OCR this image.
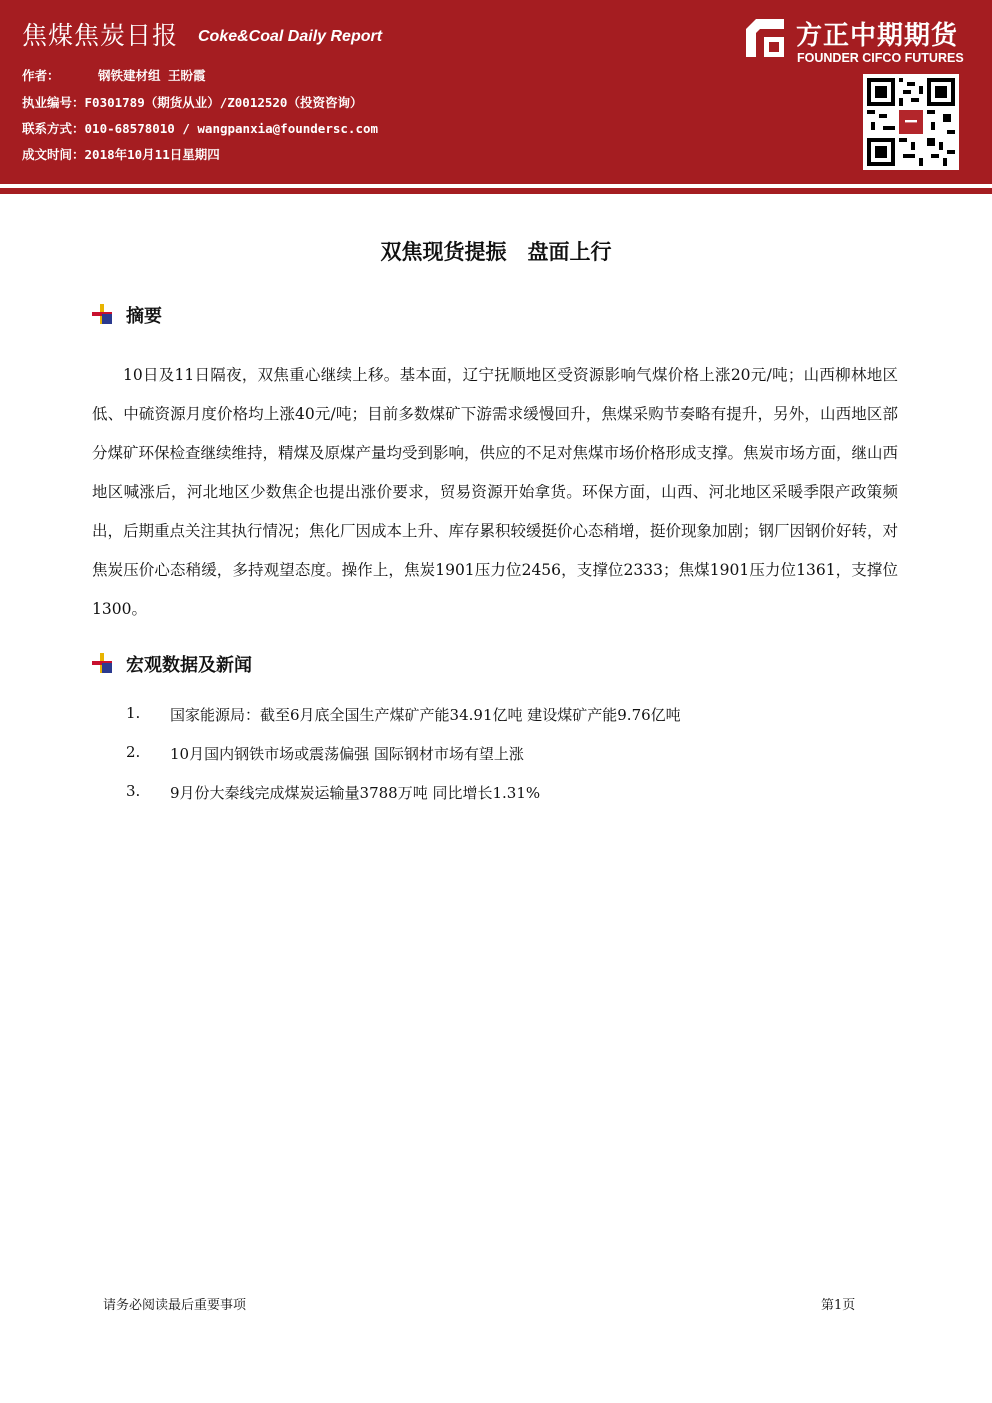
焦煤焦炭日报 Coke&Coal Daily Report
作者：	钢铁建材组 王盼霞
执业编号：F0301789（期货从业）/Z0012520（投资咨询）
联系方式：010-68578010 / wangpanxia@foundersc.com
成文时间：2018年10月11日星期四
方正中期期货
FOUNDER CIFCO FUTURES
双焦现货提振　盘面上行
摘要

10日及11日隔夜，双焦重心继续上移。基本面，辽宁抚顺地区受资源影响气煤价格上涨20元/吨；山西柳林地区低、中硫资源月度价格均上涨40元/吨；目前多数煤矿下游需求缓慢回升，焦煤采购节奏略有提升，另外，山西地区部分煤矿环保检查继续维持，精煤及原煤产量均受到影响，供应的不足对焦煤市场价格形成支撑。焦炭市场方面，继山西地区喊涨后，河北地区少数焦企也提出涨价要求，贸易资源开始拿货。环保方面，山西、河北地区采暖季限产政策频出，后期重点关注其执行情况；焦化厂因成本上升、库存累积较缓挺价心态稍增，挺价现象加剧；钢厂因钢价好转，对焦炭压价心态稍缓，多持观望态度。操作上，焦炭1901压力位2456，支撑位2333；焦煤1901压力位1361，支撑位1300。

宏观数据及新闻
1. 国家能源局：截至6月底全国生产煤矿产能34.91亿吨 建设煤矿产能9.76亿吨
2. 10月国内钢铁市场或震荡偏强 国际钢材市场有望上涨
3. 9月份大秦线完成煤炭运输量3788万吨 同比增长1.31%
请务必阅读最后重要事项	第1页
